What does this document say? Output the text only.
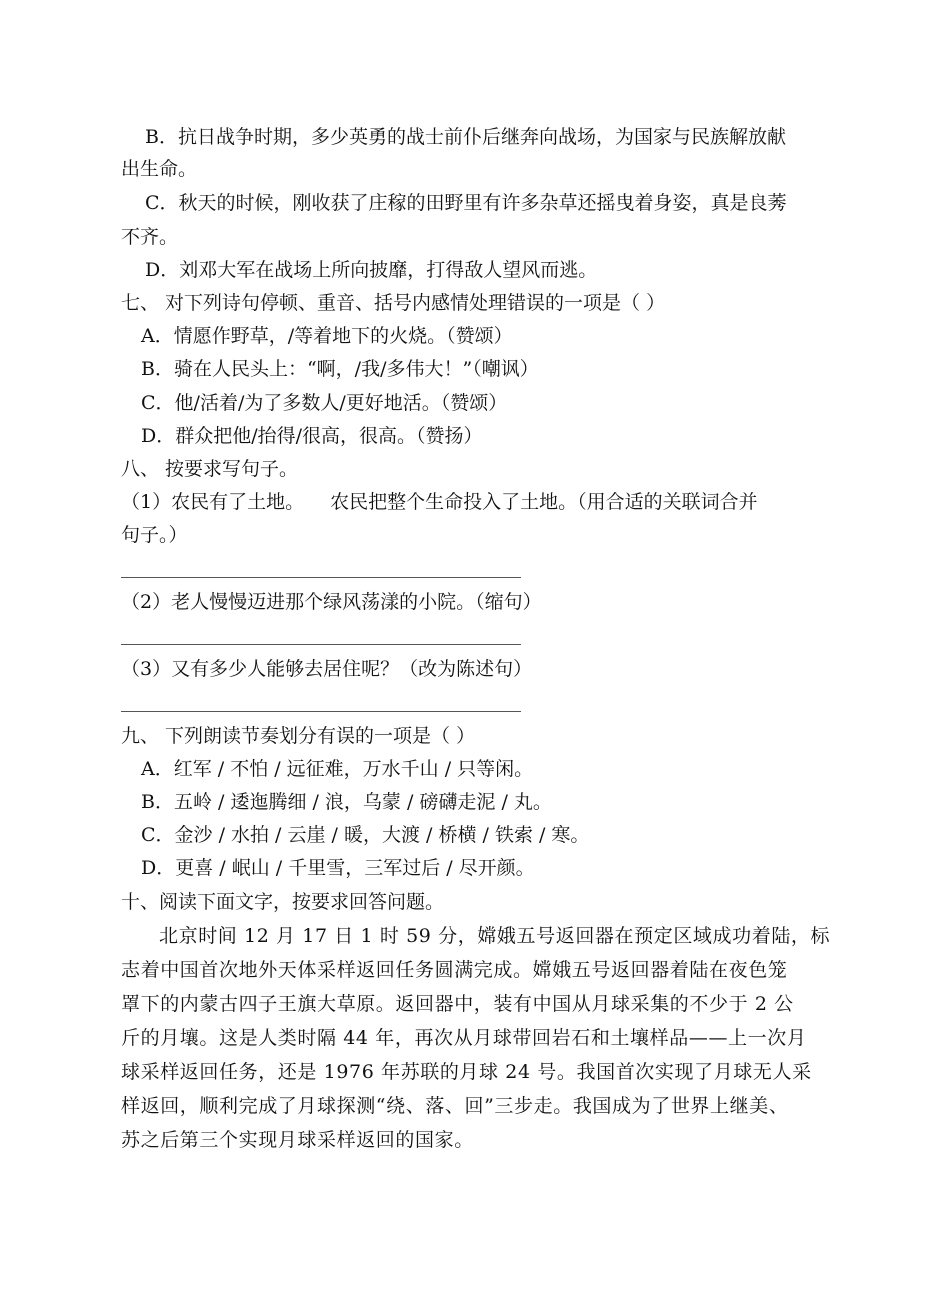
B．抗日战争时期，多少英勇的战士前仆后继奔向战场，为国家与民族解放献
出生命。
C．秋天的时候，刚收获了庄稼的田野里有许多杂草还摇曳着身姿，真是良莠
不齐。
D．刘邓大军在战场上所向披靡，打得敌人望风而逃。
七、 对下列诗句停顿、重音、括号内感情处理错误的一项是（ ）
A．情愿作野草，/等着地下的火烧。（赞颂）
B．骑在人民头上：“啊，/我/多伟大！”（嘲讽）
C．他/活着/为了多数人/更好地活。（赞颂）
D．群众把他/抬得/很高，很高。（赞扬）
八、 按要求写句子。
（1）农民有了土地。 农民把整个生命投入了土地。（用合适的关联词合并
句子。）
（2）老人慢慢迈进那个绿风荡漾的小院。（缩句）
（3）又有多少人能够去居住呢？（改为陈述句）
九、 下列朗读节奏划分有误的一项是（ ）
A．红军 / 不怕 / 远征难，万水千山 / 只等闲。
B．五岭 / 逶迤腾细 / 浪，乌蒙 / 磅礴走泥 / 丸。
C．金沙 / 水拍 / 云崖 / 暖，大渡 / 桥横 / 铁索 / 寒。
D．更喜 / 岷山 / 千里雪，三军过后 / 尽开颜。
十、阅读下面文字，按要求回答问题。
北京时间 12 月 17 日 1 时 59 分，嫦娥五号返回器在预定区域成功着陆，标
志着中国首次地外天体采样返回任务圆满完成。嫦娥五号返回器着陆在夜色笼
罩下的内蒙古四子王旗大草原。返回器中，装有中国从月球采集的不少于 2 公
斤的月壤。这是人类时隔 44 年，再次从月球带回岩石和土壤样品——上一次月
球采样返回任务，还是 1976 年苏联的月球 24 号。我国首次实现了月球无人采
样返回，顺利完成了月球探测“绕、落、回”三步走。我国成为了世界上继美、
苏之后第三个实现月球采样返回的国家。
